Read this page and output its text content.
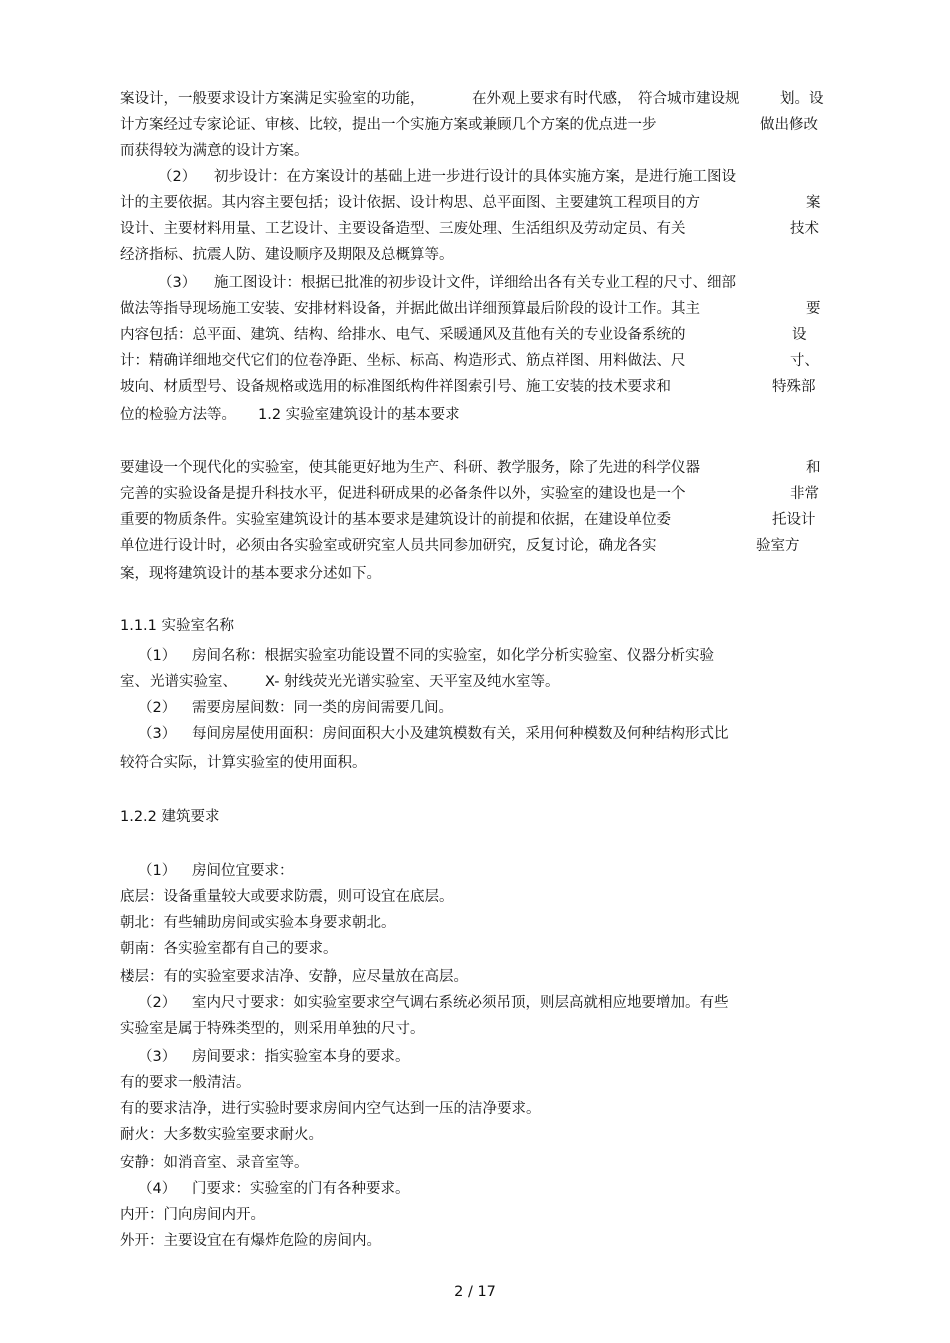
案设计，一般要求设计方案满足实验室的功能，	在外观上要求有时代感， 符合城市建设规	划。设
计方案经过专家论证、审核、比较，提出一个实施方案或兼顾几个方案的优点进一步	做出修改
而获得较为满意的设计方案。
（2） 初步设计：在方案设计的基础上进一步进行设计的具体实施方案，是进行施工图设
计的主要依据。其内容主要包括；设计依据、设计构思、总平面图、主要建筑工程项目的方	案
设计、主要材料用量、工艺设计、主要设备造型、三废处理、生活组织及劳动定员、有关	技术
经济指标、抗震人防、建设顺序及期限及总概算等。
（3） 施工图设计：根据已批准的初步设计文件，详细给出各有关专业工程的尺寸、细部
做法等指导现场施工安装、安排材料设备，并据此做出详细预算最后阶段的设计工作。其主	要
内容包括：总平面、建筑、结构、给排水、电气、采暖通风及苴他有关的专业设备系统的	设
计：精确详细地交代它们的位卷净距、坐标、标高、构造形式、筋点祥图、用料做法、尺	寸、
坡向、材质型号、设备规格或选用的标准图纸构件祥图索引号、施工安装的技术要求和	特殊部
位的检验方法等。 1.2 实验室建筑设计的基本要求
要建设一个现代化的实验室，使其能更好地为生产、科研、教学服务，除了先进的科学仪器	和
完善的实验设备是提升科技水平，促进科研成果的必备条件以外，实验室的建设也是一个	非常
重要的物质条件。实验室建筑设计的基本要求是建筑设计的前提和依据，在建设单位委	托设计
单位进行设计时，必须由各实验室或研究室人员共同参加研究，反复讨论，确龙各实	验室方
案，现将建筑设计的基本要求分述如下。
1.1.1 实验室名称
（1） 房间名称：根据实验室功能设置不同的实验室，如化学分析实验室、仪器分析实验
室、 光谱实验室、 X- 射线荧光光谱实验室、天平室及纯水室等。
（2） 需要房屋间数：同一类的房间需要几间。
（3） 每间房屋使用面积：房间面积大小及建筑模数有关，采用何种模数及何种结构形式比
较符合实际，计算实验室的使用面积。
1.2.2 建筑要求
（1） 房间位宜要求：
底层：设备重量较大或要求防震，则可设宜在底层。
朝北：有些辅助房间或实验本身要求朝北。
朝南：各实验室都有自己的要求。
楼层：有的实验室要求洁净、安静，应尽量放在高层。
（2） 室内尺寸要求：如实验室要求空气调右系统必须吊顶，则层高就相应地要增加。有些
实验室是属于特殊类型的，则采用单独的尺寸。
（3） 房间要求：指实验室本身的要求。
有的要求一般清洁。
有的要求洁净，进行实验时要求房间内空气达到一压的洁净要求。
耐火：大多数实验室要求耐火。
安静：如消音室、录音室等。
（4） 门要求：实验室的门有各种要求。
内开：门向房间内开。
外开：主要设宜在有爆炸危险的房间内。
2 / 17
